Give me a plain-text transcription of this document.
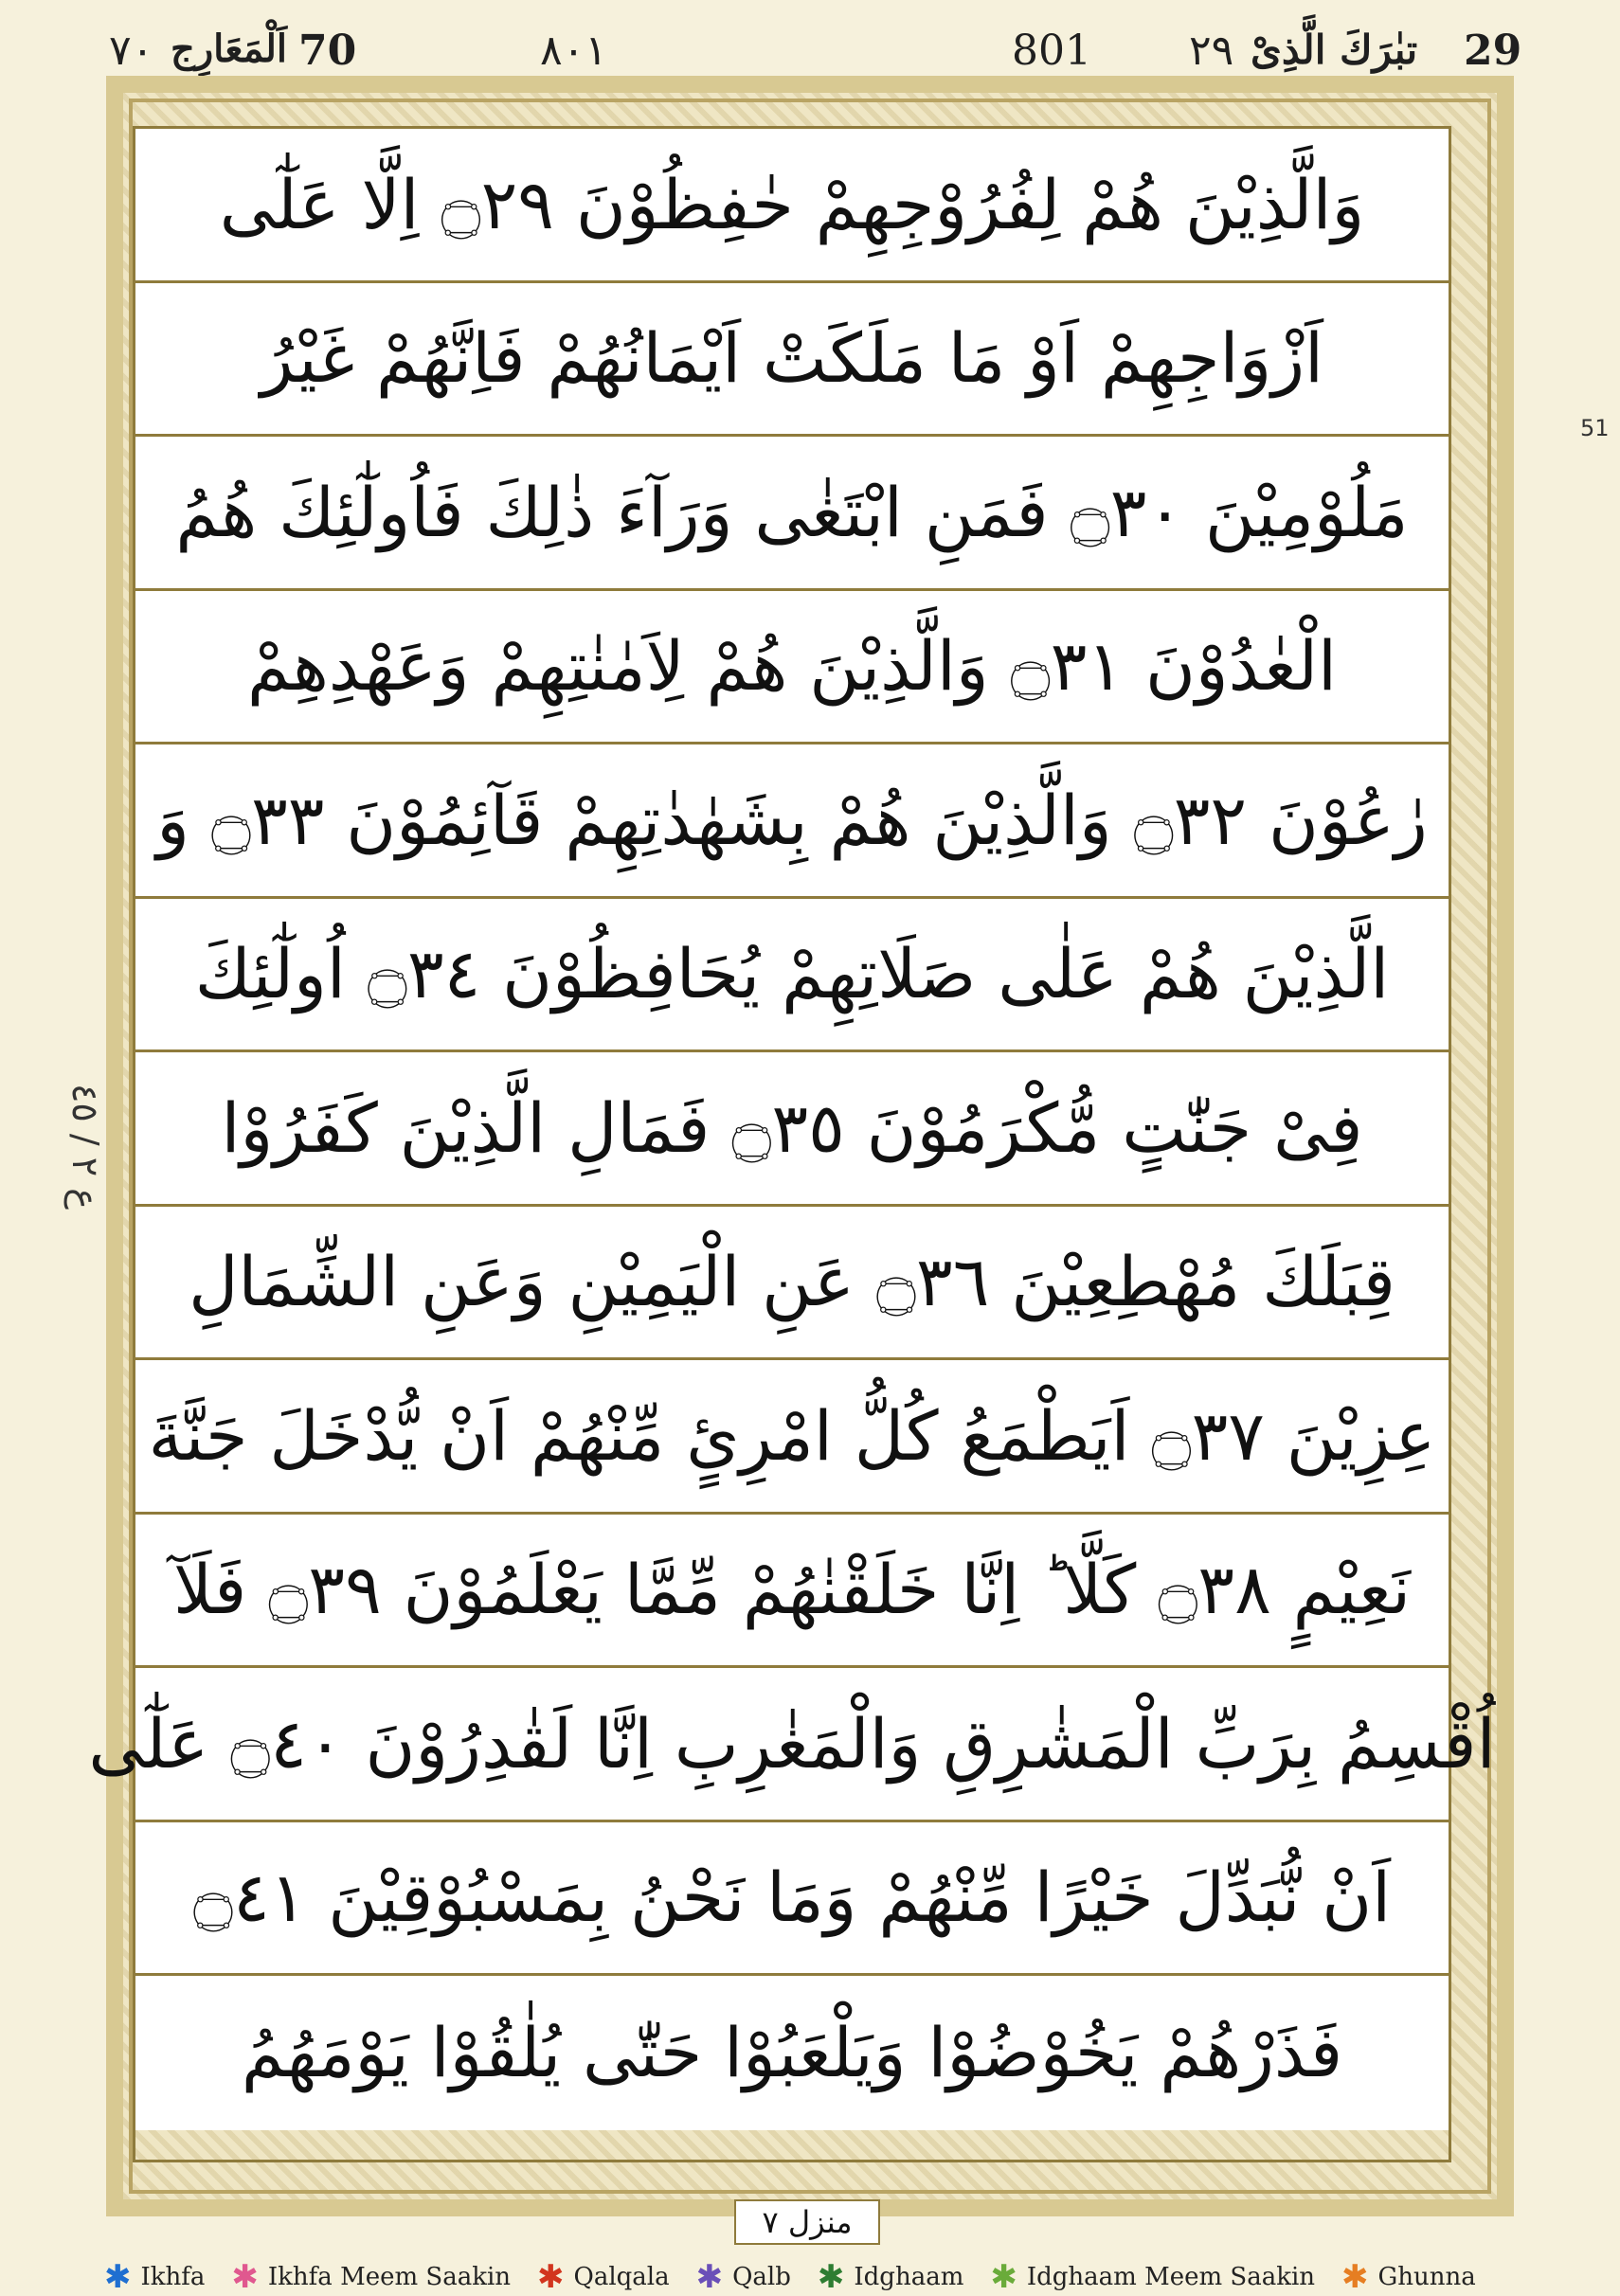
29
تبٰرَكَ الَّذِىْ
٢٩
801
٨٠١
70
اَلْمَعَارِج
٧٠
51
ع ٢ / ٤٥
وَالَّذِيْنَ هُمْ لِفُرُوْجِهِمْ حٰفِظُوْنَ ۝٢٩ اِلَّا عَلٰٓى
اَزْوَاجِهِمْ اَوْ مَا مَلَكَتْ اَيْمَانُهُمْ فَاِنَّهُمْ غَيْرُ
مَلُوْمِيْنَ ۝٣٠ فَمَنِ ابْتَغٰى وَرَآءَ ذٰلِكَ فَاُولٰٓئِكَ هُمُ
الْعٰدُوْنَ ۝٣١ وَالَّذِيْنَ هُمْ لِاَمٰنٰتِهِمْ وَعَهْدِهِمْ
رٰعُوْنَ ۝٣٢ وَالَّذِيْنَ هُمْ بِشَهٰدٰتِهِمْ قَآئِمُوْنَ ۝٣٣ وَ
الَّذِيْنَ هُمْ عَلٰى صَلَاتِهِمْ يُحَافِظُوْنَ ۝٣٤ اُولٰٓئِكَ
فِىْ جَنّٰتٍ مُّكْرَمُوْنَ ۝٣٥ فَمَالِ الَّذِيْنَ كَفَرُوْا
قِبَلَكَ مُهْطِعِيْنَ ۝٣٦ عَنِ الْيَمِيْنِ وَعَنِ الشِّمَالِ
عِزِيْنَ ۝٣٧ اَيَطْمَعُ كُلُّ امْرِئٍ مِّنْهُمْ اَنْ يُّدْخَلَ جَنَّةَ
نَعِيْمٍ ۝٣٨ كَلَّا ؕ اِنَّا خَلَقْنٰهُمْ مِّمَّا يَعْلَمُوْنَ ۝٣٩ فَلَآ
اُقْسِمُ بِرَبِّ الْمَشٰرِقِ وَالْمَغٰرِبِ اِنَّا لَقٰدِرُوْنَ ۝٤٠ عَلٰٓى
اَنْ نُّبَدِّلَ خَيْرًا مِّنْهُمْ وَمَا نَحْنُ بِمَسْبُوْقِيْنَ ۝٤١
فَذَرْهُمْ يَخُوْضُوْا وَيَلْعَبُوْا حَتّٰى يُلٰقُوْا يَوْمَهُمُ
منزل ٧
✱ Ikhfa ✱ Ikhfa Meem Saakin ✱ Qalqala ✱ Qalb ✱ Idghaam ✱ Idghaam Meem Saakin ✱ Ghunna
